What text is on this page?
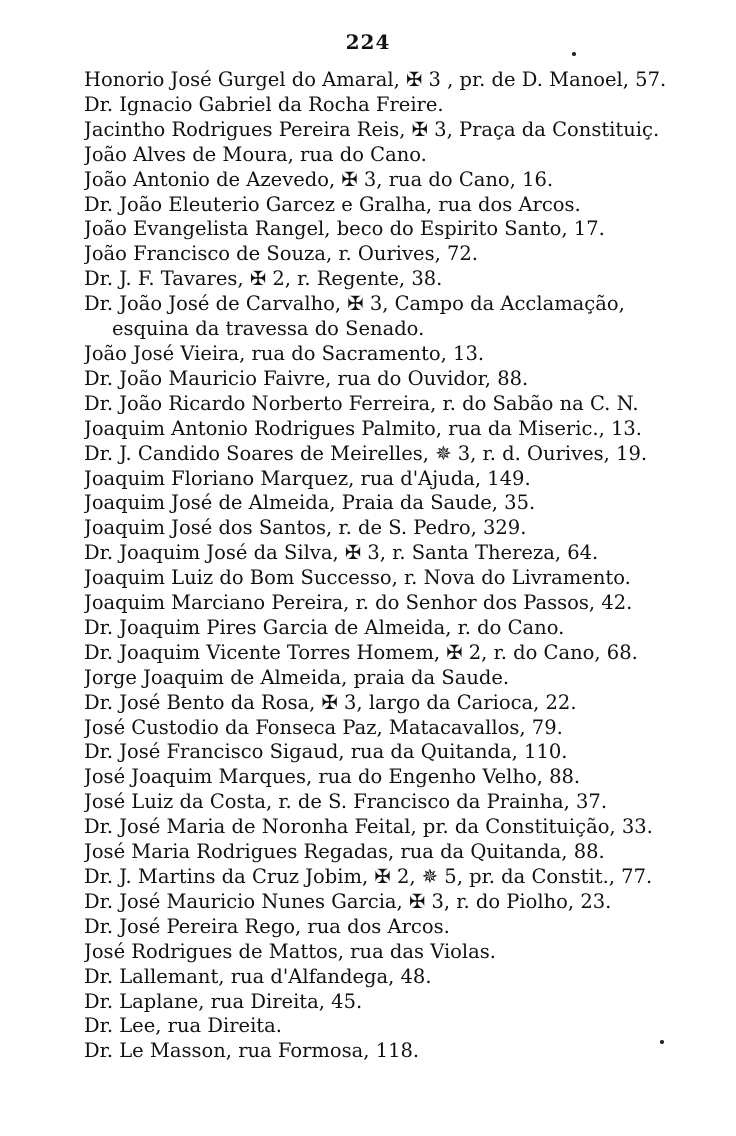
224
Honorio José Gurgel do Amaral, ✠ 3 , pr. de D. Manoel, 57.
Dr. Ignacio Gabriel da Rocha Freire.
Jacintho Rodrigues Pereira Reis, ✠ 3, Praça da Constituiç.
João Alves de Moura, rua do Cano.
João Antonio de Azevedo, ✠ 3, rua do Cano, 16.
Dr. João Eleuterio Garcez e Gralha, rua dos Arcos.
João Evangelista Rangel, beco do Espirito Santo, 17.
João Francisco de Souza, r. Ourives, 72.
Dr. J. F. Tavares, ✠ 2, r. Regente, 38.
Dr. João José de Carvalho, ✠ 3, Campo da Acclamação,
esquina da travessa do Senado.
João José Vieira, rua do Sacramento, 13.
Dr. João Mauricio Faivre, rua do Ouvidor, 88.
Dr. João Ricardo Norberto Ferreira, r. do Sabão na C. N.
Joaquim Antonio Rodrigues Palmito, rua da Miseric., 13.
Dr. J. Candido Soares de Meirelles, ✵ 3, r. d. Ourives, 19.
Joaquim Floriano Marquez, rua d'Ajuda, 149.
Joaquim José de Almeida, Praia da Saude, 35.
Joaquim José dos Santos, r. de S. Pedro, 329.
Dr. Joaquim José da Silva, ✠ 3, r. Santa Thereza, 64.
Joaquim Luiz do Bom Successo, r. Nova do Livramento.
Joaquim Marciano Pereira, r. do Senhor dos Passos, 42.
Dr. Joaquim Pires Garcia de Almeida, r. do Cano.
Dr. Joaquim Vicente Torres Homem, ✠ 2, r. do Cano, 68.
Jorge Joaquim de Almeida, praia da Saude.
Dr. José Bento da Rosa, ✠ 3, largo da Carioca, 22.
José Custodio da Fonseca Paz, Matacavallos, 79.
Dr. José Francisco Sigaud, rua da Quitanda, 110.
José Joaquim Marques, rua do Engenho Velho, 88.
José Luiz da Costa, r. de S. Francisco da Prainha, 37.
Dr. José Maria de Noronha Feital, pr. da Constituição, 33.
José Maria Rodrigues Regadas, rua da Quitanda, 88.
Dr. J. Martins da Cruz Jobim, ✠ 2, ✵ 5, pr. da Constit., 77.
Dr. José Mauricio Nunes Garcia, ✠ 3, r. do Piolho, 23.
Dr. José Pereira Rego, rua dos Arcos.
José Rodrigues de Mattos, rua das Violas.
Dr. Lallemant, rua d'Alfandega, 48.
Dr. Laplane, rua Direita, 45.
Dr. Lee, rua Direita.
Dr. Le Masson, rua Formosa, 118.
